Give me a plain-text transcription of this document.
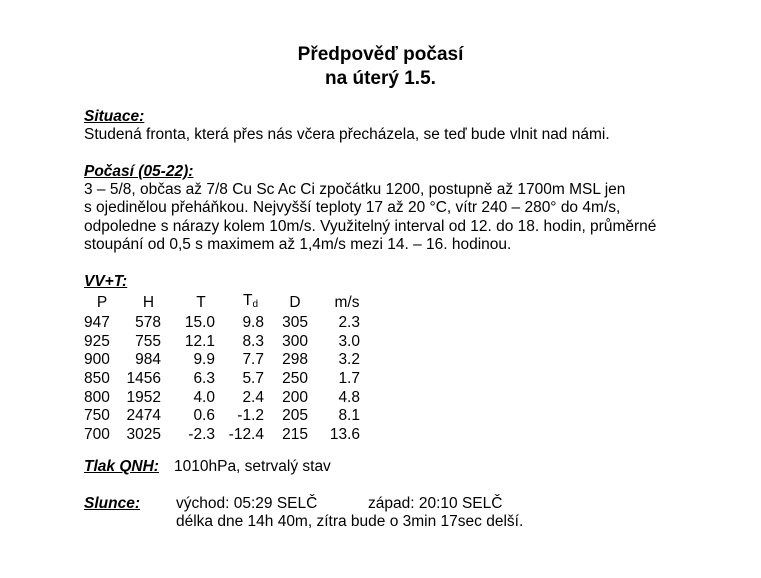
Předpověď počasí
na úterý 1.5.
Situace:
Studená fronta, která přes nás včera přecházela, se teď bude vlnit nad námi.
Počasí (05-22):
3 – 5/8, občas až 7/8 Cu Sc Ac Ci zpočátku 1200, postupně až 1700m MSL jen
s ojedinělou přeháňkou. Nejvyšší teploty 17 až 20 °C, vítr 240 – 280° do 4m/s,
odpoledne s nárazy kolem 10m/s. Využitelný interval od 12. do 18. hodin, průměrné
stoupání od 0,5 s maximem až 1,4m/s mezi 14. – 16. hodinou.
VV+T:
P	H	T	$T_d$	D	m/s
947	578	15.0	9.8	305	2.3
925	755	12.1	8.3	300	3.0
900	984	9.9	7.7	298	3.2
850	1456	6.3	5.7	250	1.7
800	1952	4.0	2.4	200	4.8
750	2474	0.6	-1.2	205	8.1
700	3025	-2.3	-12.4	215	13.6
Tlak QNH: 1010hPa, setrvalý stav
Slunce: východ: 05:29 SELČ	západ: 20:10 SELČ
délka dne 14h 40m, zítra bude o 3min 17sec delší.
